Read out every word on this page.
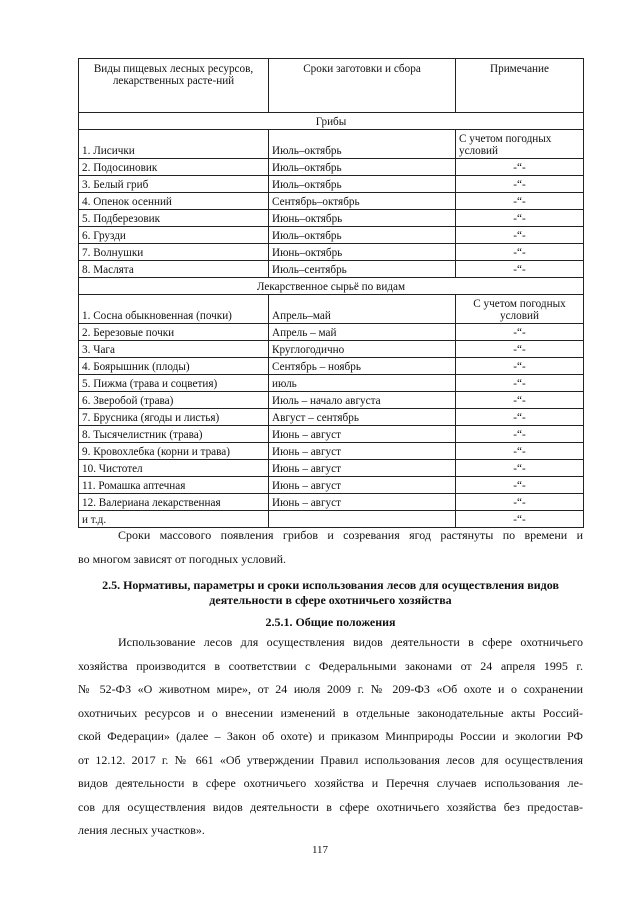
Виды пищевых лесных ресурсов, лекарственных расте-ний	Сроки заготовки и сбора	Примечание
Грибы		
1. Лисички	Июль–октябрь	С учетом погодных условий
2. Подосиновик	Июль–октябрь	-“-
3. Белый гриб	Июль–октябрь	-“-
4. Опенок осенний	Сентябрь–октябрь	-“-
5. Подберезовик	Июнь–октябрь	-“-
6. Грузди	Июль–октябрь	-“-
7. Волнушки	Июнь–октябрь	-“-
8. Маслята	Июль–сентябрь	-“-
Лекарственное сырьё по видам		
1. Сосна обыкновенная (почки)	Апрель–май	С учетом погодных условий
2. Березовые почки	Апрель – май	-“-
3. Чага	Круглогодично	-“-
4. Боярышник (плоды)	Сентябрь – ноябрь	-“-
5. Пижма (трава и соцветия)	июль	-“-
6. Зверобой (трава)	Июль – начало августа	-“-
7. Брусника (ягоды и листья)	Август – сентябрь	-“-
8. Тысячелистник (трава)	Июнь – август	-“-
9. Кровохлебка (корни и трава)	Июнь – август	-“-
10. Чистотел	Июнь – август	-“-
11. Ромашка аптечная	Июнь – август	-“-
12. Валериана лекарственная	Июнь – август	-“-
и т.д.		-“-
Сроки массового появления грибов и созревания ягод растянуты по времени и
во многом зависят от погодных условий.
2.5. Нормативы, параметры и сроки использования лесов для осуществления видов
деятельности в сфере охотничьего хозяйства
2.5.1. Общие положения
Использование лесов для осуществления видов деятельности в сфере охотничьего
хозяйства производится в соответствии с Федеральными законами от 24 апреля 1995 г.
№ 52-ФЗ «О животном мире», от 24 июля 2009 г. № 209-ФЗ «Об охоте и о сохранении
охотничьих ресурсов и о внесении изменений в отдельные законодательные акты Россий-
ской Федерации» (далее – Закон об охоте) и приказом Минприроды России и экологии РФ
от 12.12. 2017 г. № 661 «Об утверждении Правил использования лесов для осуществления
видов деятельности в сфере охотничьего хозяйства и Перечня случаев использования ле-
сов для осуществления видов деятельности в сфере охотничьего хозяйства без предостав-
ления лесных участков».
117
